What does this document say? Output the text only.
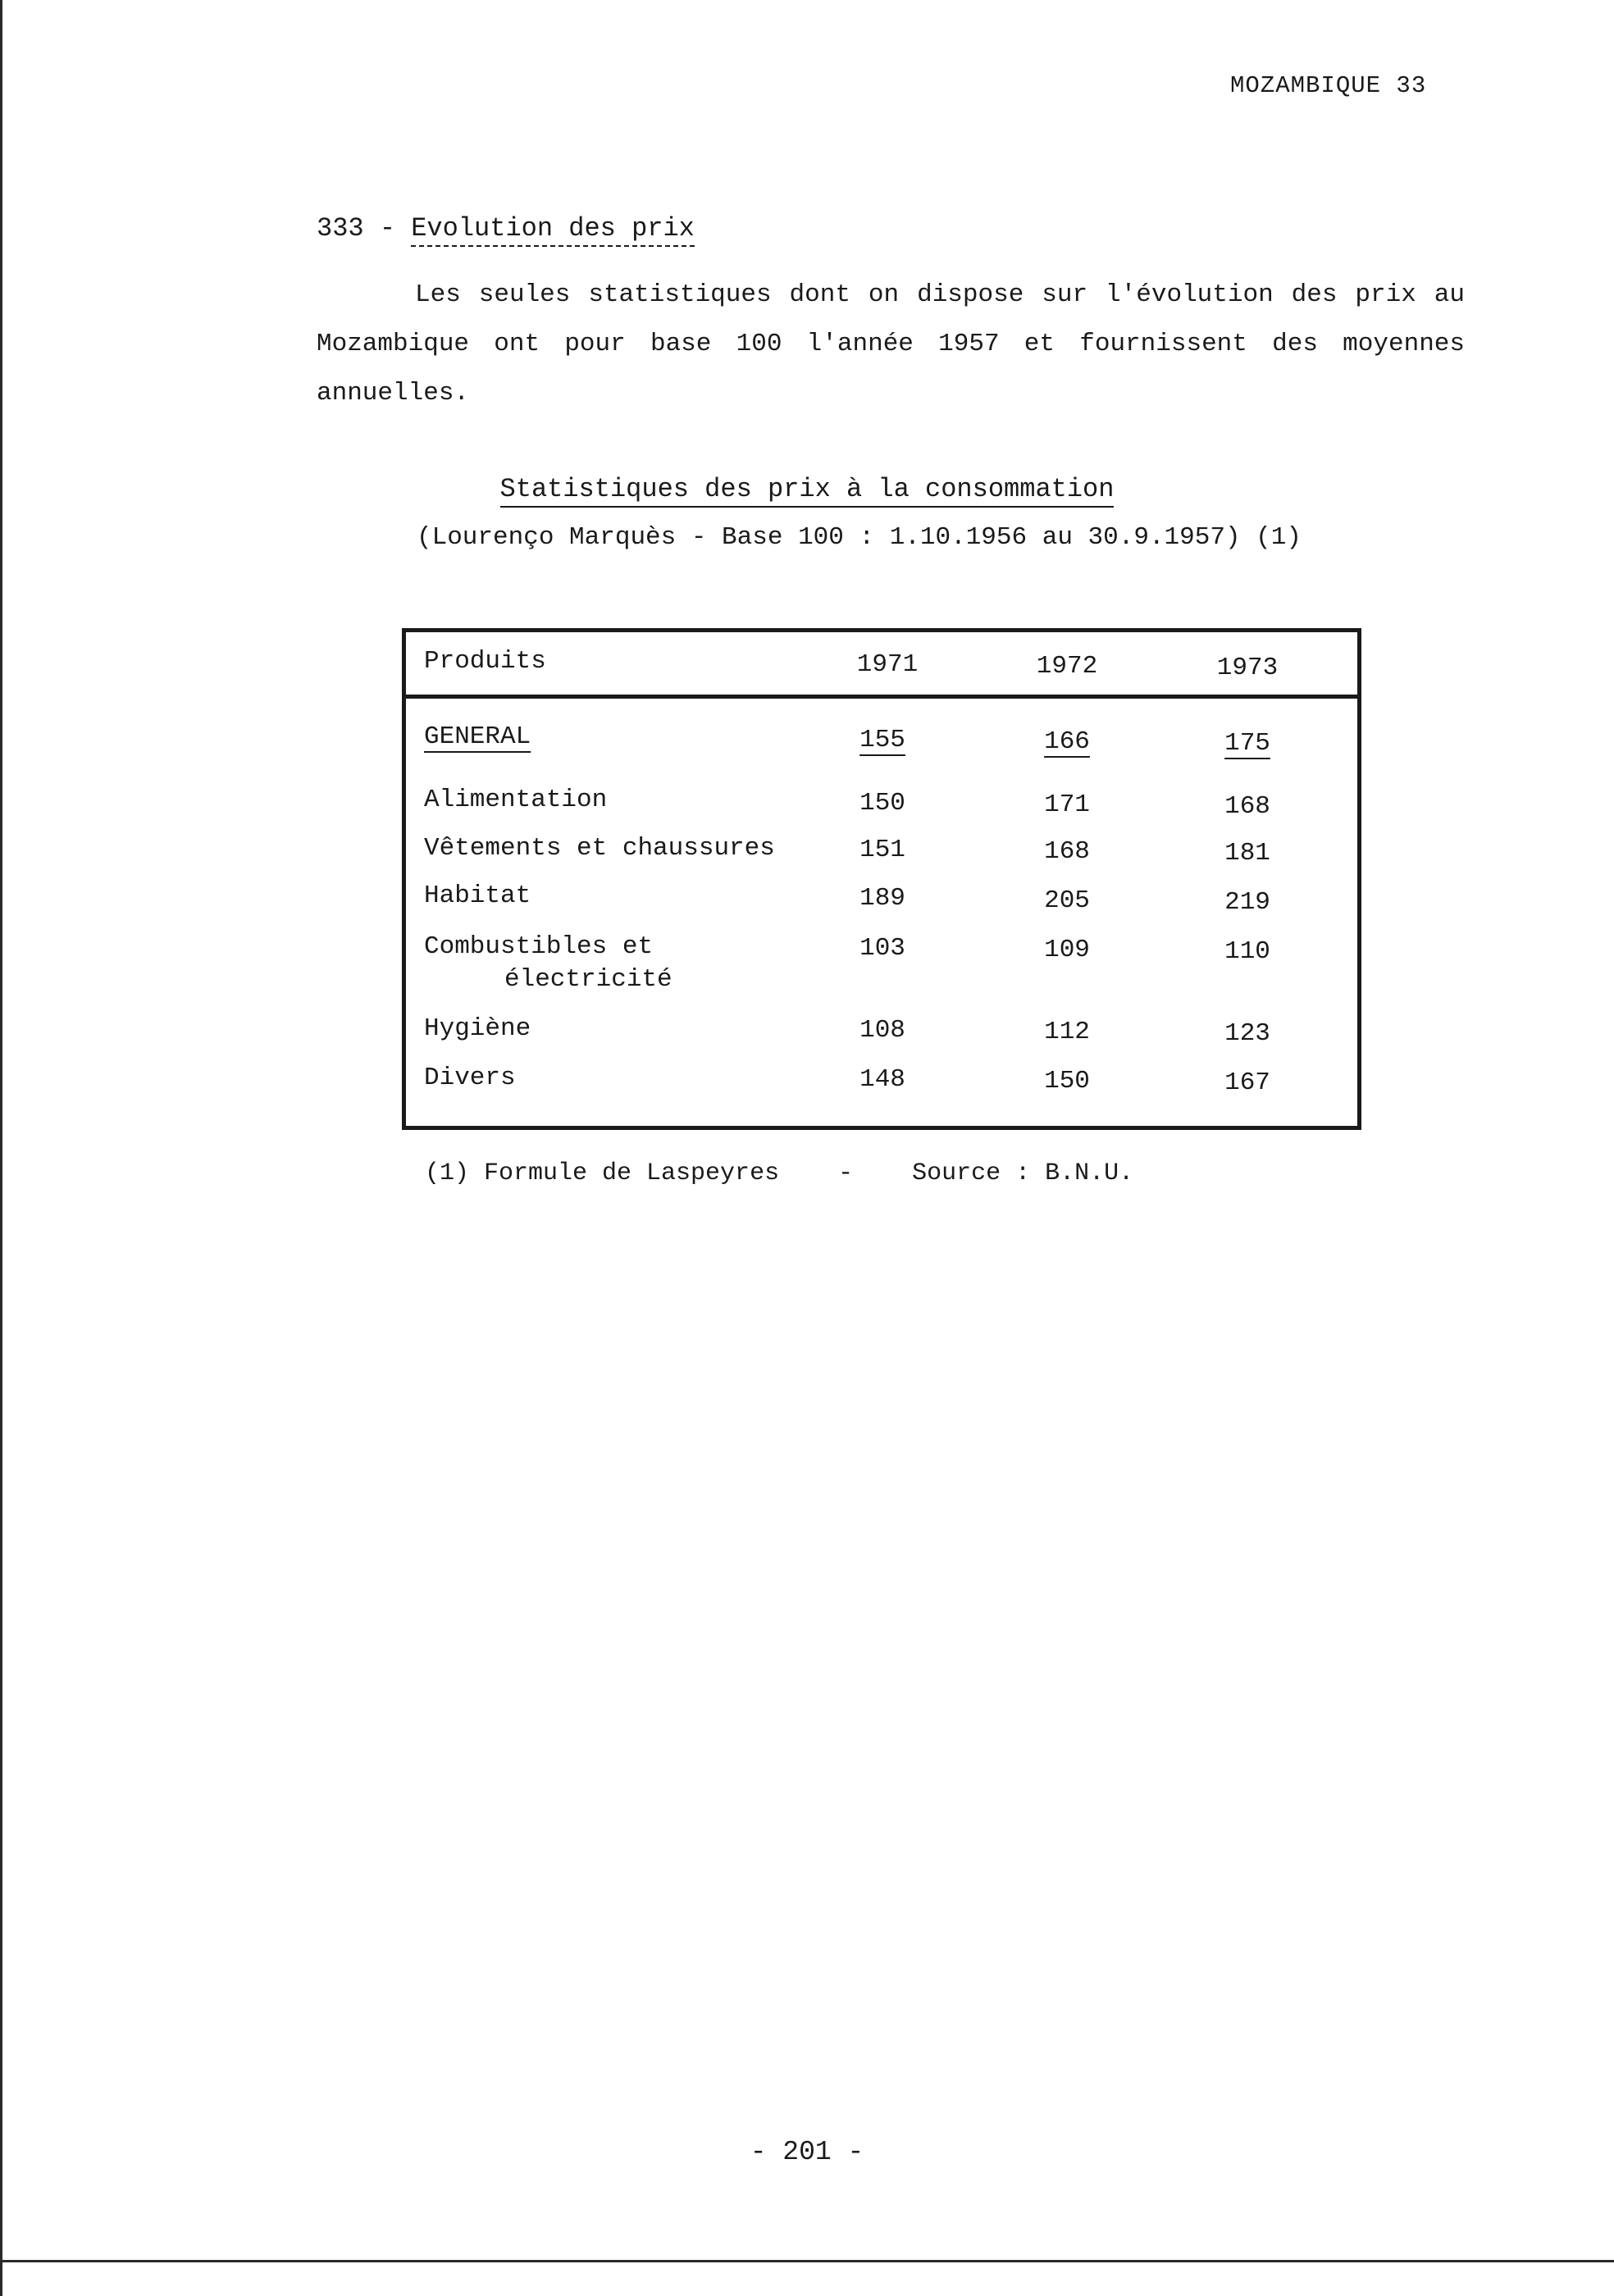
MOZAMBIQUE 33
333 - Evolution des prix

Les seules statistiques dont on dispose sur l'évolution des prix au Mozambique ont pour base 100 l'année 1957 et fournissent des moyennes annuelles.

Statistiques des prix à la consommation
(Lourenço Marquès - Base 100 : 1.10.1956 au 30.9.1957) (1)
Produits	1971	1972	1973
GENERAL	155	166	175
Alimentation	150	171	168
Vêtements et chaussures	151	168	181
Habitat	189	205	219
Combustibles et
électricité
103	109	110
Hygiène	108	112	123
Divers	148	150	167
(1) Formule de Laspeyres - Source : B.N.U.
- 201 -
